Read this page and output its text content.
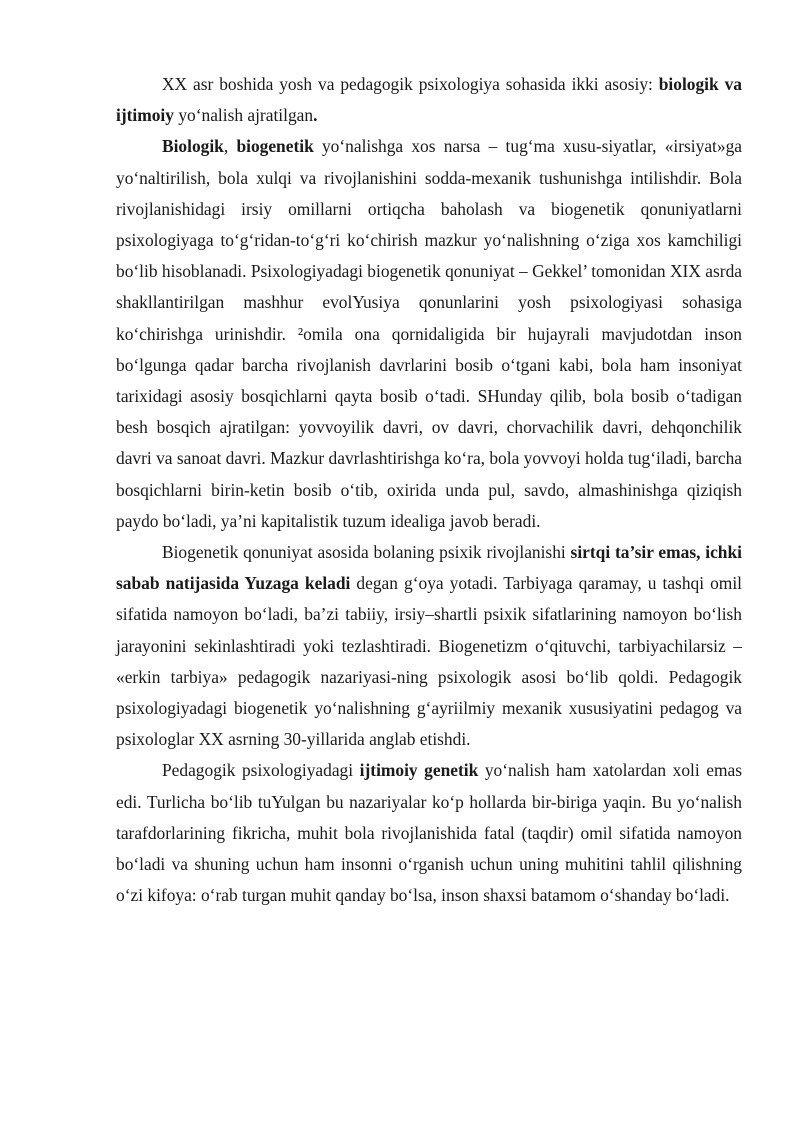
XX asr boshida yosh va pedagogik psixologiya sohasida ikki asosiy: biologik va ijtimoiy yo‘nalish ajratilgan.

Biologik, biogenetik yo‘nalishga xos narsa – tug‘ma xusu-siyatlar, «irsiyat»ga yo‘naltirilish, bola xulqi va rivojlanishini sodda-mexanik tushunishga intilishdir. Bola rivojlanishidagi irsiy omillarni ortiqcha baholash va biogenetik qonuniyatlarni psixologiyaga to‘g‘ridan-to‘g‘ri ko‘chirish mazkur yo‘nalishning o‘ziga xos kamchiligi bo‘lib hisoblanadi. Psixologiyadagi biogenetik qonuniyat – Gekkel’ tomonidan XIX asrda shakllantirilgan mashhur evolYusiya qonunlarini yosh psixologiyasi sohasiga ko‘chirishga urinishdir. ²omila ona qornidaligida bir hujayrali mavjudotdan inson bo‘lgunga qadar barcha rivojlanish davrlarini bosib o‘tgani kabi, bola ham insoniyat tarixidagi asosiy bosqichlarni qayta bosib o‘tadi. SHunday qilib, bola bosib o‘tadigan besh bosqich ajratilgan: yovvoyilik davri, ov davri, chorvachilik davri, dehqonchilik davri va sanoat davri. Mazkur davrlashtirishga ko‘ra, bola yovvoyi holda tug‘iladi, barcha bosqichlarni birin-ketin bosib o‘tib, oxirida unda pul, savdo, almashinishga qiziqish paydo bo‘ladi, ya’ni kapitalistik tuzum idealiga javob beradi.

Biogenetik qonuniyat asosida bolaning psixik rivojlanishi sirtqi ta’sir emas, ichki sabab natijasida Yuzaga keladi degan g‘oya yotadi. Tarbiyaga qaramay, u tashqi omil sifatida namoyon bo‘ladi, ba’zi tabiiy, irsiy–shartli psixik sifatlarining namoyon bo‘lish jarayonini sekinlashtiradi yoki tezlashtiradi. Biogenetizm o‘qituvchi, tarbiyachilarsiz – «erkin tarbiya» pedagogik nazariyasi-ning psixologik asosi bo‘lib qoldi. Pedagogik psixologiyadagi biogenetik yo‘nalishning g‘ayriilmiy mexanik xususiyatini pedagog va psixologlar XX asrning 30-yillarida anglab etishdi.

Pedagogik psixologiyadagi ijtimoiy genetik yo‘nalish ham xatolardan xoli emas edi. Turlicha bo‘lib tuYulgan bu nazariyalar ko‘p hollarda bir-biriga yaqin. Bu yo‘nalish tarafdorlarining fikricha, muhit bola rivojlanishida fatal (taqdir) omil sifatida namoyon bo‘ladi va shuning uchun ham insonni o‘rganish uchun uning muhitini tahlil qilishning o‘zi kifoya: o‘rab turgan muhit qanday bo‘lsa, inson shaxsi batamom o‘shanday bo‘ladi.
